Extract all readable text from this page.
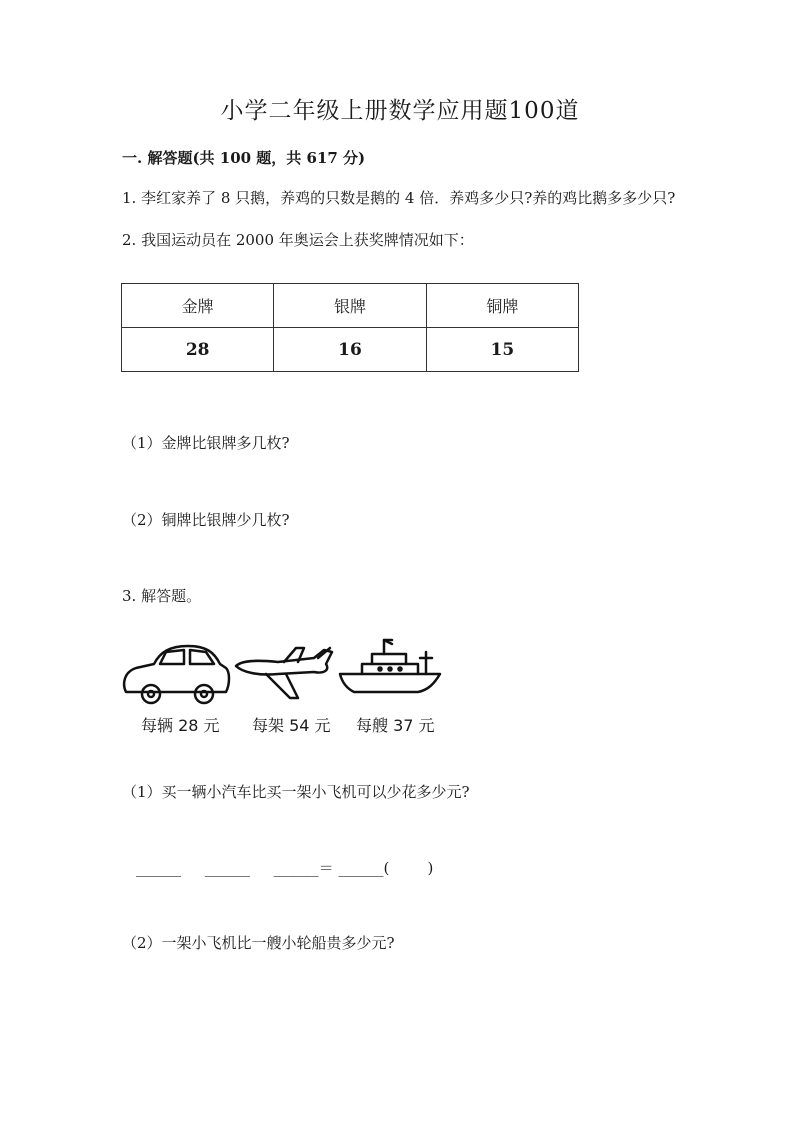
小学二年级上册数学应用题100道
一. 解答题(共 100 题，共 617 分)
1. 李红家养了 8 只鹅，养鸡的只数是鹅的 4 倍．养鸡多少只?养的鸡比鹅多多少只?
2. 我国运动员在 2000 年奥运会上获奖牌情况如下：
金牌	银牌	铜牌
28	16	15
（1）金牌比银牌多几枚?
（2）铜牌比银牌少几枚?
3. 解答题。
每辆 28 元 每架 54 元 每艘 37 元
（1）买一辆小汽车比买一架小飞机可以少花多少元?
______     ______     ______＝ ______(        )
（2）一架小飞机比一艘小轮船贵多少元?
